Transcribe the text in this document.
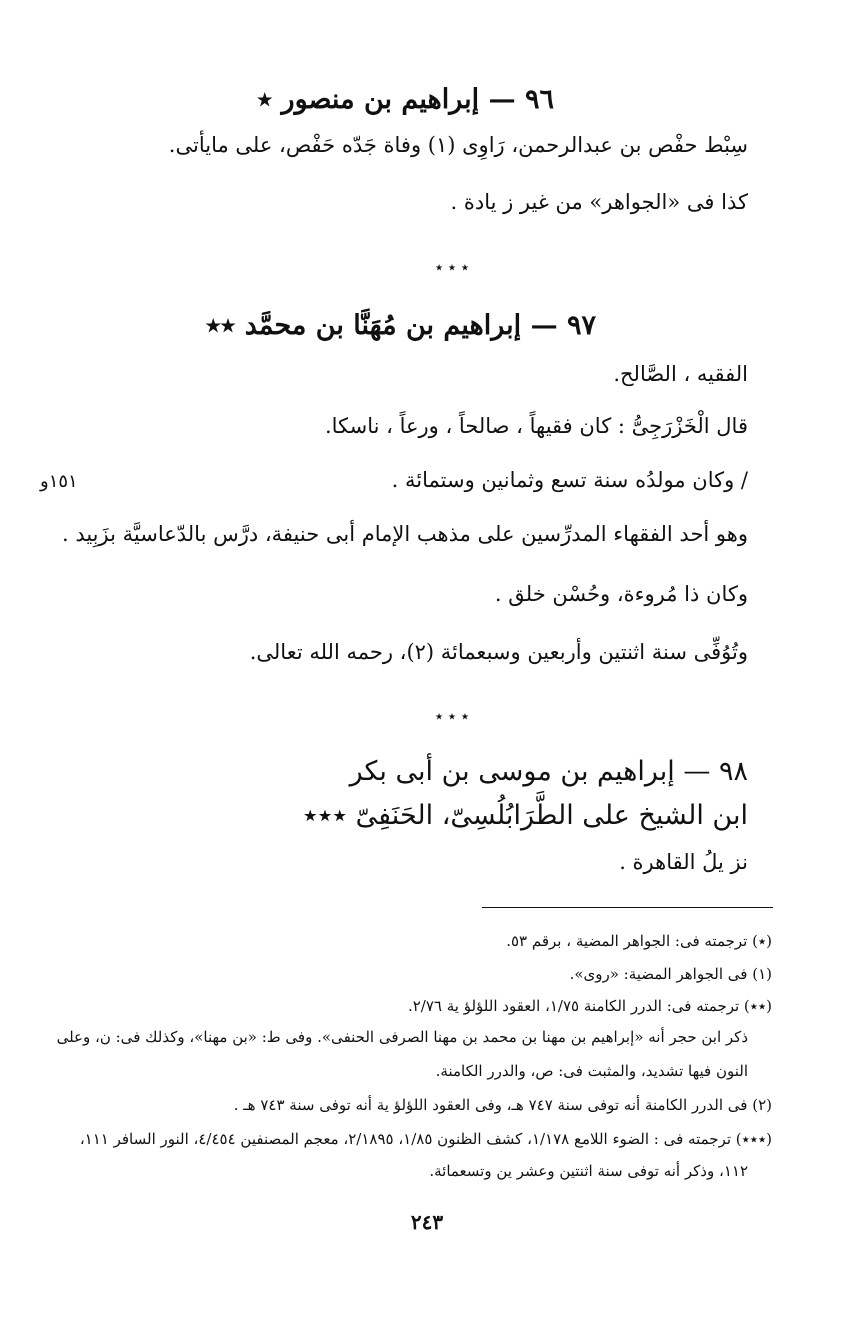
٩٦ — إبراهيم بن منصور ٭
سِبْط حفْص بن عبدالرحمن، رَاوِى (١) وفاة جَدّه حَفْص، على مايأتى.
كذا فى «الجواهر» من غير ز يادة .
٭ ٭ ٭
٩٧ — إبراهيم بن مُهَنَّا بن محمَّد ٭٭
الفقيه ، الصَّالح.
قال الْخَزْرَجِىُّ : كان فقيهاً ، صالحاً ، ورعاً ، ناسكا.
/ وكان مولدُه سنة تسع وثمانين وستمائة .
١٥١و
وهو أحد الفقهاء المدرِّسين على مذهب الإمام أبى حنيفة، درَّس بالدّعاسيَّة بزَبِيد .
وكان ذا مُروءة، وحُسْن خلق .
وتُوُفِّى سنة اثنتين وأربعين وسبعمائة (٢)، رحمه الله تعالى.
٭ ٭ ٭
٩٨ — إبراهيم بن موسى بن أبى بكر
ابن الشيخ على الطَّرَابُلُسِىّ، الحَنَفِىّ ٭٭٭
نز يلُ القاهرة .
(٭) ترجمته فى: الجواهر المضية ، برقم ٥٣.
(١) فى الجواهر المضية: «روى».
(٭٭) ترجمته فى: الدرر الكامنة ١/٧٥، العقود اللؤلؤ ية ٢/٧٦.
ذكر ابن حجر أنه «إبراهيم بن مهنا بن محمد بن مهنا الصرفى الحنفى». وفى ط: «بن مهنا»، وكذلك فى: ن، وعلى
النون فيها تشديد، والمثبت فى: ص، والدرر الكامنة.
(٢) فى الدرر الكامنة أنه توفى سنة ٧٤٧ هـ، وفى العقود اللؤلؤ ية أنه توفى سنة ٧٤٣ هـ .
(٭٭٭) ترجمته فى : الضوء اللامع ١/١٧٨، كشف الظنون ١/٨٥، ٢/١٨٩٥، معجم المصنفين ٤/٤٥٤، النور السافر ١١١،
١١٢، وذكر أنه توفى سنة اثنتين وعشر ين وتسعمائة.
٢٤٣
